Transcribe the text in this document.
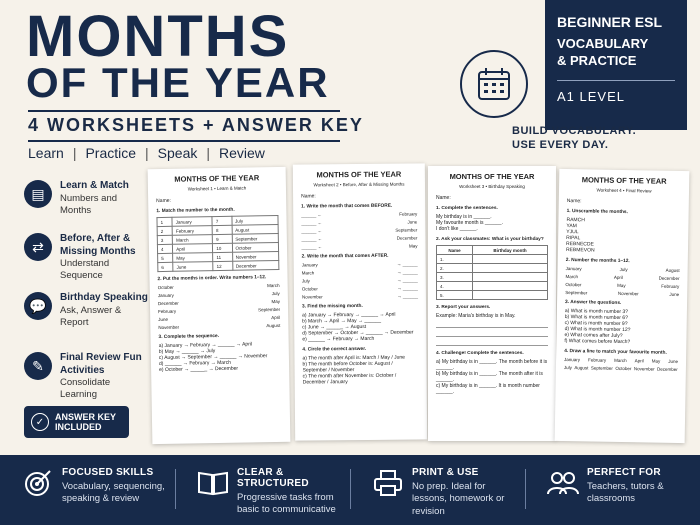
MONTHS
OF THE YEAR
4 WORKSHEETS + ANSWER KEY
Learn | Practice | Speak | Review
BEGINNER ESL
VOCABULARY
& PRACTICE
A1 LEVEL
BUILD VOCABULARY.
USE EVERY DAY.
▤	Learn & Match
Numbers and Months
⇄	Before, After & Missing Months
Understand Sequence
💬	Birthday Speaking
Ask, Answer & Report
✎	Final Review Fun Activities
Consolidate Learning
✓	ANSWER KEY
INCLUDED
MONTHS OF THE YEAR
Worksheet 1 • Learn & Match
Name:
1. Match the number to the month.
1	January	7	July
2	February	8	August
3	March	9	September
4	April	10	October
5	May	11	November
6	June	12	December
2. Put the months in order. Write numbers 1–12.
October	March
January	July
December	May
February	September
June	April
November	August
3. Complete the sequence.
a) January → February → ______ → April
b) May → ______ → July
c) August → September → ______ → November
d) ______ → February → March
e) October → ______ → December
MONTHS OF THE YEAR
Worksheet 2 • Before, After & Missing Months
Name:
1. Write the month that comes BEFORE.
______ ←	February
______ ←	June
______ ←	September
______ ←	December
______ ←	May
2. Write the month that comes AFTER.
January	→ ______
March	→ ______
July	→ ______
October	→ ______
November	→ ______
3. Find the missing month.
a) January → February → ______ → April
b) March → April → May → ______
c) June → ______ → August
d) September → October → ______ → December
e) ______ → February → March
4. Circle the correct answer.
a) The month after April is: March / May / June
b) The month before October is: August / September / November
c) The month after November is: October / December / January
MONTHS OF THE YEAR
Worksheet 3 • Birthday Speaking
Name:
1. Complete the sentences.
My birthday is in ______.
My favourite month is ______.
I don't like ______.
2. Ask your classmates: What is your birthday?
Name	Birthday month
1.	
2.	
3.	
4.	
5.	
3. Report your answers.
Example: Maria's birthday is in May.
4. Challenge! Complete the sentences.
a) My birthday is in ______. The month before it is ______.
b) My birthday is in ______. The month after it is ______.
c) My birthday is in ______. It is month number ______.
MONTHS OF THE YEAR
Worksheet 4 • Final Review
Name:
1. Unscramble the months.
RAMCH
YAM
YJUL
RIPAL
REBNECDE
REBMEVON
2. Number the months 1–12.
January	July	August
March	April	December
October	May	February
September	November	June
3. Answer the questions.
a) What is month number 3?
b) What is month number 6?
c) What is month number 9?
d) What is month number 12?
e) What comes after July?
f) What comes before March?
4. Draw a line to match your favourite month.
January February March April May June
July August September October November December
FOCUSED SKILLS
Vocabulary, sequencing, speaking & review
CLEAR & STRUCTURED
Progressive tasks from basic to communicative
PRINT & USE
No prep. Ideal for lessons, homework or revision
PERFECT FOR
Teachers, tutors & classrooms
